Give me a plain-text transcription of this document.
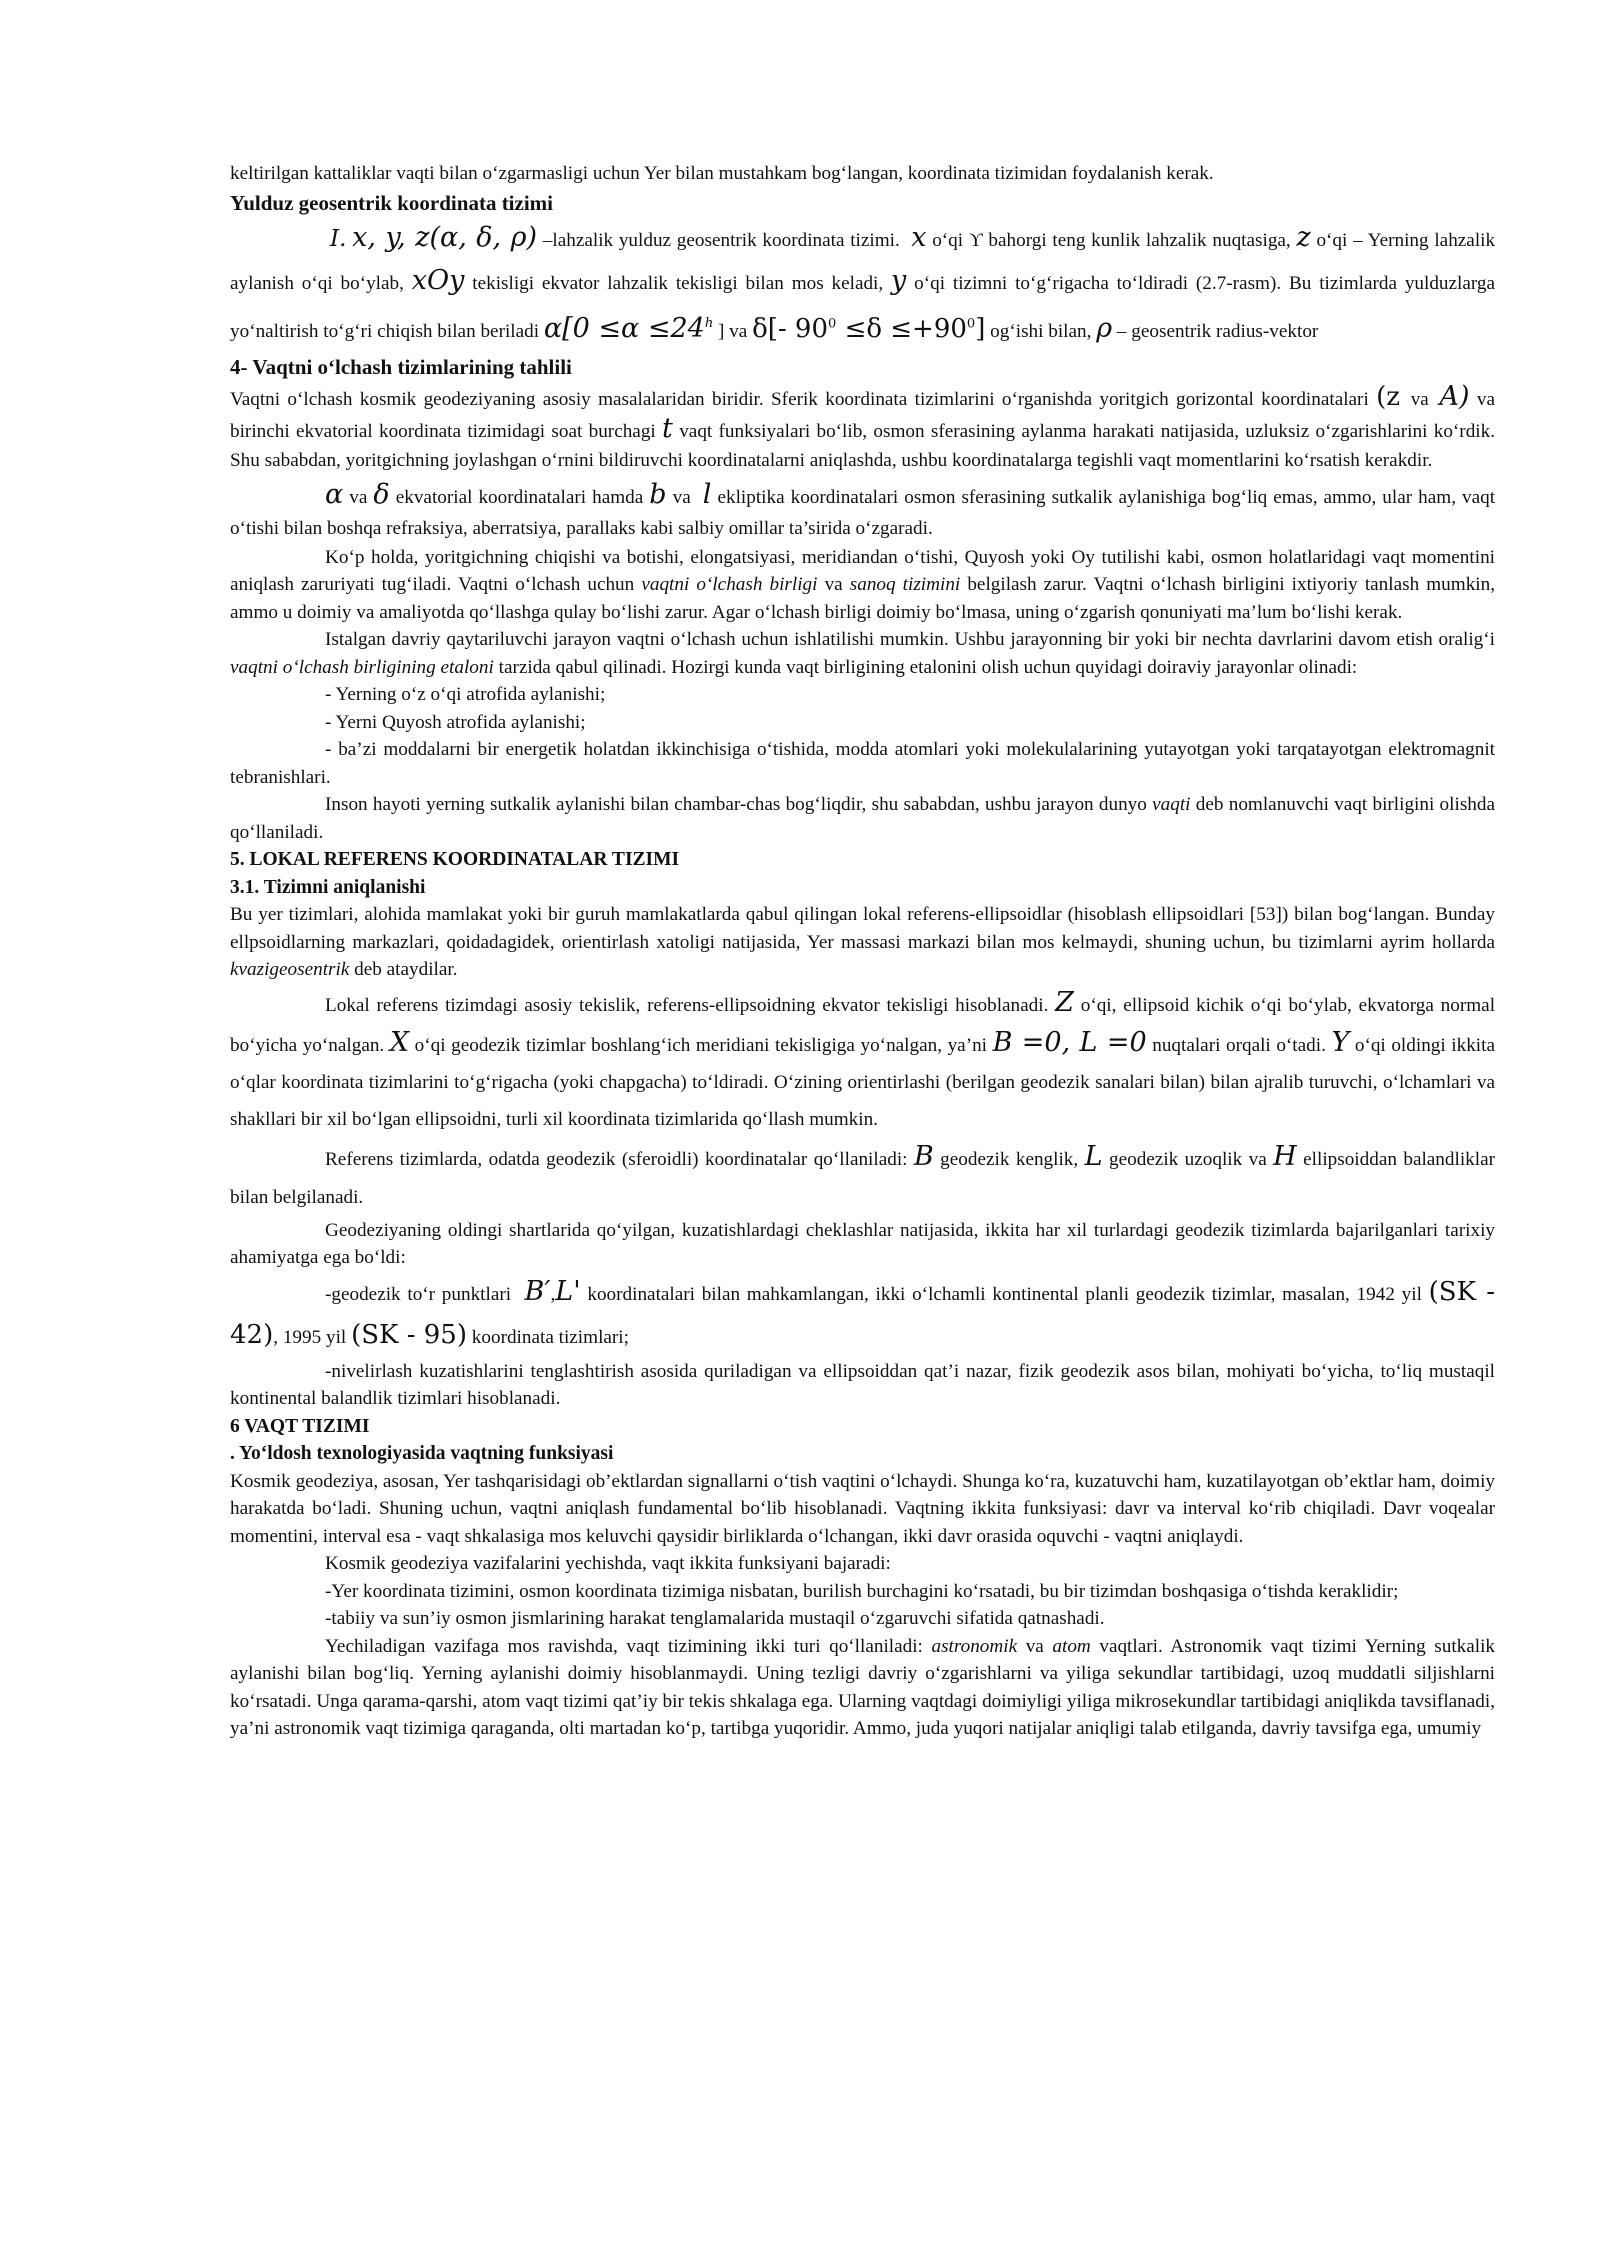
keltirilgan kattaliklar vaqti bilan o‘zgarmasligi uchun Yer bilan mustahkam bog‘langan, koordinata tizimidan foydalanish kerak.

Yulduz geosentrik koordinata tizimi

I. x, y, z(α, δ, ρ) –lahzalik yulduz geosentrik koordinata tizimi. x o‘qi ϒ bahorgi teng kunlik lahzalik nuqtasiga, z o‘qi – Yerning lahzalik aylanish o‘qi bo‘ylab, xOy tekisligi ekvator lahzalik tekisligi bilan mos keladi, y o‘qi tizimni to‘g‘rigacha to‘ldiradi (2.7-rasm). Bu tizimlarda yulduzlarga yo‘naltirish to‘g‘ri chiqish bilan beriladi $\alpha[0 \le\alpha \le 24^h$ ] va δ[- $90^0 \le\delta \le+90^0$] og‘ishi bilan, ρ – geosentrik radius-vektor

4- Vaqtni o‘lchash tizimlarining tahlili

Vaqtni o‘lchash kosmik geodeziyaning asosiy masalalaridan biridir. Sferik koordinata tizimlarini o‘rganishda yoritgich gorizontal koordinatalari (z va A) va birinchi ekvatorial koordinata tizimidagi soat burchagi t vaqt funksiyalari bo‘lib, osmon sferasining aylanma harakati natijasida, uzluksiz o‘zgarishlarini ko‘rdik. Shu sababdan, yoritgichning joylashgan o‘rnini bildiruvchi koordinatalarni aniqlashda, ushbu koordinatalarga tegishli vaqt momentlarini ko‘rsatish kerakdir.

α va δ ekvatorial koordinatalari hamda b va l ekliptika koordinatalari osmon sferasining sutkalik aylanishiga bog‘liq emas, ammo, ular ham, vaqt o‘tishi bilan boshqa refraksiya, aberratsiya, parallaks kabi salbiy omillar ta’sirida o‘zgaradi.

Ko‘p holda, yoritgichning chiqishi va botishi, elongatsiyasi, meridiandan o‘tishi, Quyosh yoki Oy tutilishi kabi, osmon holatlaridagi vaqt momentini aniqlash zaruriyati tug‘iladi. Vaqtni o‘lchash uchun vaqtni o‘lchash birligi va sanoq tizimini belgilash zarur. Vaqtni o‘lchash birligini ixtiyoriy tanlash mumkin, ammo u doimiy va amaliyotda qo‘llashga qulay bo‘lishi zarur. Agar o‘lchash birligi doimiy bo‘lmasa, uning o‘zgarish qonuniyati ma’lum bo‘lishi kerak.

Istalgan davriy qaytariluvchi jarayon vaqtni o‘lchash uchun ishlatilishi mumkin. Ushbu jarayonning bir yoki bir nechta davrlarini davom etish oralig‘i vaqtni o‘lchash birligining etaloni tarzida qabul qilinadi. Hozirgi kunda vaqt birligining etalonini olish uchun quyidagi doiraviy jarayonlar olinadi:

- Yerning o‘z o‘qi atrofida aylanishi;

- Yerni Quyosh atrofida aylanishi;

- ba’zi moddalarni bir energetik holatdan ikkinchisiga o‘tishida, modda atomlari yoki molekulalarining yutayotgan yoki tarqatayotgan elektromagnit tebranishlari.

Inson hayoti yerning sutkalik aylanishi bilan chambar-chas bog‘liqdir, shu sababdan, ushbu jarayon dunyo vaqti deb nomlanuvchi vaqt birligini olishda qo‘llaniladi.

5. LOKAL REFERENS KOORDINATALAR TIZIMI

3.1. Tizimni aniqlanishi

Bu yer tizimlari, alohida mamlakat yoki bir guruh mamlakatlarda qabul qilingan lokal referens-ellipsoidlar (hisoblash ellipsoidlari [53]) bilan bog‘langan. Bunday ellpsoidlarning markazlari, qoidadagidek, orientirlash xatoligi natijasida, Yer massasi markazi bilan mos kelmaydi, shuning uchun, bu tizimlarni ayrim hollarda kvazigeosentrik deb ataydilar.

Lokal referens tizimdagi asosiy tekislik, referens-ellipsoidning ekvator tekisligi hisoblanadi. Z o‘qi, ellipsoid kichik o‘qi bo‘ylab, ekvatorga normal bo‘yicha yo‘nalgan. X o‘qi geodezik tizimlar boshlang‘ich meridiani tekisligiga yo‘nalgan, ya’ni B =0, L =0 nuqtalari orqali o‘tadi. Y o‘qi oldingi ikkita o‘qlar koordinata tizimlarini to‘g‘rigacha (yoki chapgacha) to‘ldiradi. O‘zining orientirlashi (berilgan geodezik sanalari bilan) bilan ajralib turuvchi, o‘lchamlari va shakllari bir xil bo‘lgan ellipsoidni, turli xil koordinata tizimlarida qo‘llash mumkin.

Referens tizimlarda, odatda geodezik (sferoidli) koordinatalar qo‘llaniladi: B geodezik kenglik, L geodezik uzoqlik va H ellipsoiddan balandliklar bilan belgilanadi.

Geodeziyaning oldingi shartlarida qo‘yilgan, kuzatishlardagi cheklashlar natijasida, ikkita har xil turlardagi geodezik tizimlarda bajarilganlari tarixiy ahamiyatga ega bo‘ldi:

-geodezik to‘r punktlari B′,L' koordinatalari bilan mahkamlangan, ikki o‘lchamli kontinental planli geodezik tizimlar, masalan, 1942 yil (SK - 42), 1995 yil (SK - 95) koordinata tizimlari;

-nivelirlash kuzatishlarini tenglashtirish asosida quriladigan va ellipsoiddan qat’i nazar, fizik geodezik asos bilan, mohiyati bo‘yicha, to‘liq mustaqil kontinental balandlik tizimlari hisoblanadi.

6 VAQT TIZIMI

. Yo‘ldosh texnologiyasida vaqtning funksiyasi

Kosmik geodeziya, asosan, Yer tashqarisidagi ob’ektlardan signallarni o‘tish vaqtini o‘lchaydi. Shunga ko‘ra, kuzatuvchi ham, kuzatilayotgan ob’ektlar ham, doimiy harakatda bo‘ladi. Shuning uchun, vaqtni aniqlash fundamental bo‘lib hisoblanadi. Vaqtning ikkita funksiyasi: davr va interval ko‘rib chiqiladi. Davr voqealar momentini, interval esa - vaqt shkalasiga mos keluvchi qaysidir birliklarda o‘lchangan, ikki davr orasida oquvchi - vaqtni aniqlaydi.

Kosmik geodeziya vazifalarini yechishda, vaqt ikkita funksiyani bajaradi:

-Yer koordinata tizimini, osmon koordinata tizimiga nisbatan, burilish burchagini ko‘rsatadi, bu bir tizimdan boshqasiga o‘tishda keraklidir;

-tabiiy va sun’iy osmon jismlarining harakat tenglamalarida mustaqil o‘zgaruvchi sifatida qatnashadi.

Yechiladigan vazifaga mos ravishda, vaqt tizimining ikki turi qo‘llaniladi: astronomik va atom vaqtlari. Astronomik vaqt tizimi Yerning sutkalik aylanishi bilan bog‘liq. Yerning aylanishi doimiy hisoblanmaydi. Uning tezligi davriy o‘zgarishlarni va yiliga sekundlar tartibidagi, uzoq muddatli siljishlarni ko‘rsatadi. Unga qarama-qarshi, atom vaqt tizimi qat’iy bir tekis shkalaga ega. Ularning vaqtdagi doimiyligi yiliga mikrosekundlar tartibidagi aniqlikda tavsiflanadi, ya’ni astronomik vaqt tizimiga qaraganda, olti martadan ko‘p, tartibga yuqoridir. Ammo, juda yuqori natijalar aniqligi talab etilganda, davriy tavsifga ega, umumiy
